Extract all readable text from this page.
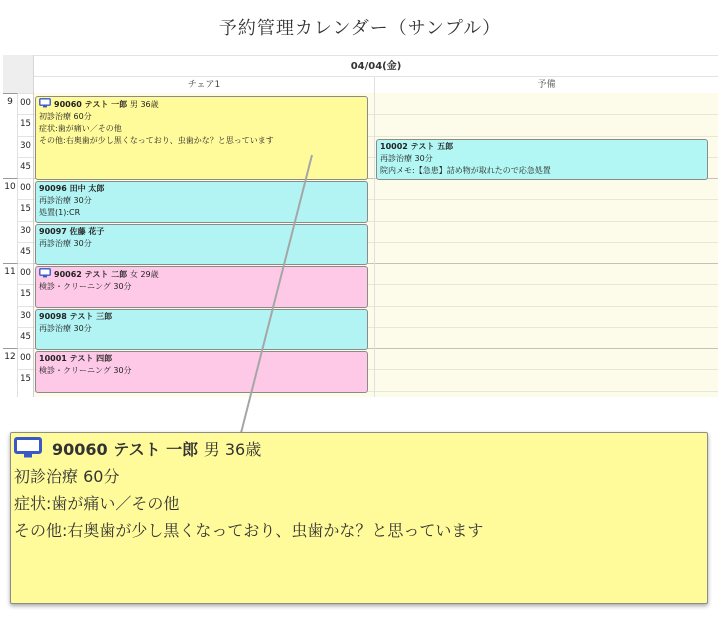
予約管理カレンダー（サンプル）
04/04(金)
チェア1	予備
9
10
11
12
00
15
30
45
00
15
30
45
00
15
30
45
00
15
90060 テスト 一郎 男 36歳
初診治療 60分
症状:歯が痛い／その他
その他:右奥歯が少し黒くなっており、虫歯かな？と思っています
10002 テスト 五郎
再診治療 30分
院内メモ:【急患】詰め物が取れたので応急処置
90096 田中 太郎
再診治療 30分
処置(1):CR
90097 佐藤 花子
再診治療 30分
90062 テスト 二郎 女 29歳
検診・クリーニング 30分
90098 テスト 三郎
再診治療 30分
10001 テスト 四郎
検診・クリーニング 30分
90060 テスト 一郎 男 36歳
初診治療 60分
症状:歯が痛い／その他
その他:右奥歯が少し黒くなっており、虫歯かな？と思っています
